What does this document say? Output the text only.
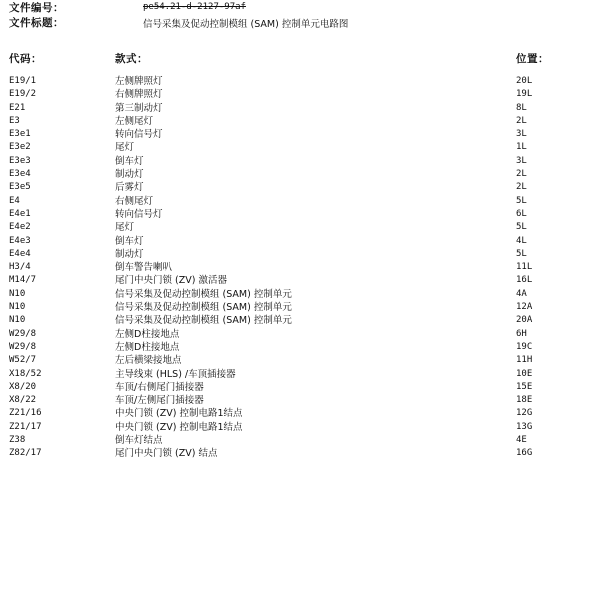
文件编号：	pe54.21-d-2127-97af
文件标题：	信号采集及促动控制模组 (SAM) 控制单元电路图
代码：	款式：	位置：
E19/1	左侧牌照灯	20L
E19/2	右侧牌照灯	19L
E21	第三制动灯	8L
E3	左侧尾灯	2L
E3e1	转向信号灯	3L
E3e2	尾灯	1L
E3e3	倒车灯	3L
E3e4	制动灯	2L
E3e5	后雾灯	2L
E4	右侧尾灯	5L
E4e1	转向信号灯	6L
E4e2	尾灯	5L
E4e3	倒车灯	4L
E4e4	制动灯	5L
H3/4	倒车警告喇叭	11L
M14/7	尾门中央门锁 (ZV) 激活器	16L
N10	信号采集及促动控制模组 (SAM) 控制单元	4A
N10	信号采集及促动控制模组 (SAM) 控制单元	12A
N10	信号采集及促动控制模组 (SAM) 控制单元	20A
W29/8	左侧D柱接地点	6H
W29/8	左侧D柱接地点	19C
W52/7	左后横梁接地点	11H
X18/52	主导线束 (HLS) /车顶插接器	10E
X8/20	车顶/右侧尾门插接器	15E
X8/22	车顶/左侧尾门插接器	18E
Z21/16	中央门锁 (ZV) 控制电路1结点	12G
Z21/17	中央门锁 (ZV) 控制电路1结点	13G
Z38	倒车灯结点	4E
Z82/17	尾门中央门锁 (ZV) 结点	16G
